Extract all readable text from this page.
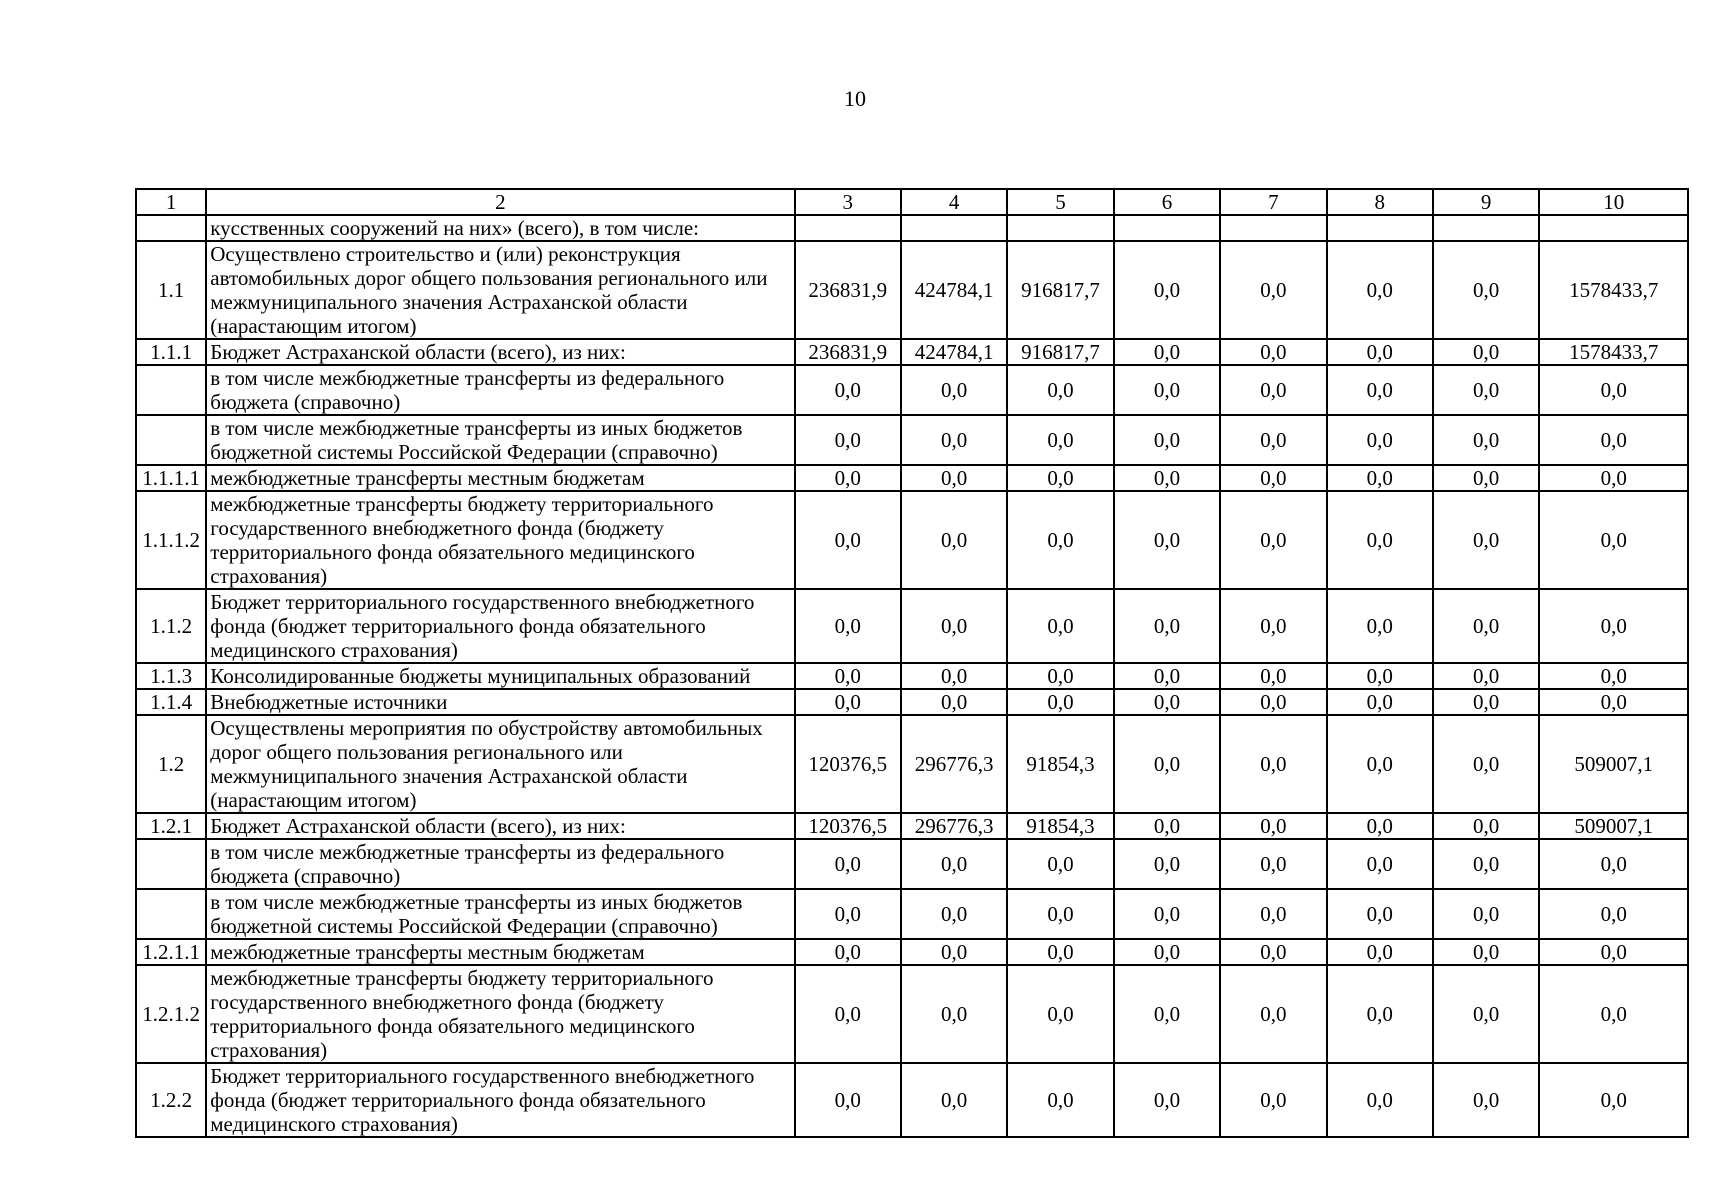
10
1	2	3	4	5	6	7	8	9	10
	кусственных сооружений на них» (всего), в том числе:								
1.1	Осуществлено строительство и (или) реконструкция автомобильных дорог общего пользования регионального или межмуниципального значения Астраханской области (нарастающим итогом)	236831,9	424784,1	916817,7	0,0	0,0	0,0	0,0	1578433,7
1.1.1	Бюджет Астраханской области (всего), из них:	236831,9	424784,1	916817,7	0,0	0,0	0,0	0,0	1578433,7
	в том числе межбюджетные трансферты из федерального бюджета (справочно)	0,0	0,0	0,0	0,0	0,0	0,0	0,0	0,0
	в том числе межбюджетные трансферты из иных бюджетов бюджетной системы Российской Федерации (справочно)	0,0	0,0	0,0	0,0	0,0	0,0	0,0	0,0
1.1.1.1	межбюджетные трансферты местным бюджетам	0,0	0,0	0,0	0,0	0,0	0,0	0,0	0,0
1.1.1.2	межбюджетные трансферты бюджету территориального государственного внебюджетного фонда (бюджету территориального фонда обязательного медицинского страхования)	0,0	0,0	0,0	0,0	0,0	0,0	0,0	0,0
1.1.2	Бюджет территориального государственного внебюджетного фонда (бюджет территориального фонда обязательного медицинского страхования)	0,0	0,0	0,0	0,0	0,0	0,0	0,0	0,0
1.1.3	Консолидированные бюджеты муниципальных образований	0,0	0,0	0,0	0,0	0,0	0,0	0,0	0,0
1.1.4	Внебюджетные источники	0,0	0,0	0,0	0,0	0,0	0,0	0,0	0,0
1.2	Осуществлены мероприятия по обустройству автомобильных дорог общего пользования регионального или межмуниципального значения Астраханской области (нарастающим итогом)	120376,5	296776,3	91854,3	0,0	0,0	0,0	0,0	509007,1
1.2.1	Бюджет Астраханской области (всего), из них:	120376,5	296776,3	91854,3	0,0	0,0	0,0	0,0	509007,1
	в том числе межбюджетные трансферты из федерального бюджета (справочно)	0,0	0,0	0,0	0,0	0,0	0,0	0,0	0,0
	в том числе межбюджетные трансферты из иных бюджетов бюджетной системы Российской Федерации (справочно)	0,0	0,0	0,0	0,0	0,0	0,0	0,0	0,0
1.2.1.1	межбюджетные трансферты местным бюджетам	0,0	0,0	0,0	0,0	0,0	0,0	0,0	0,0
1.2.1.2	межбюджетные трансферты бюджету территориального государственного внебюджетного фонда (бюджету территориального фонда обязательного медицинского страхования)	0,0	0,0	0,0	0,0	0,0	0,0	0,0	0,0
1.2.2	Бюджет территориального государственного внебюджетного фонда (бюджет территориального фонда обязательного медицинского страхования)	0,0	0,0	0,0	0,0	0,0	0,0	0,0	0,0
